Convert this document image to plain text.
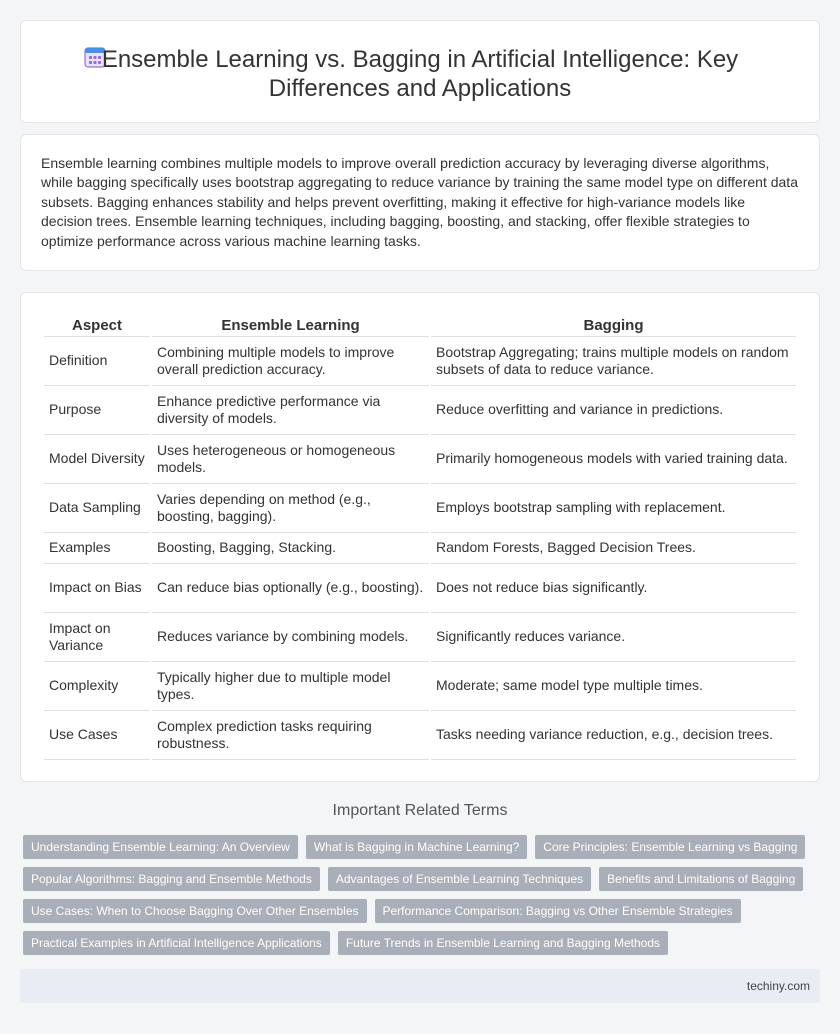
Ensemble Learning vs. Bagging in Artificial Intelligence: Key Differences and Applications

Ensemble learning combines multiple models to improve overall prediction accuracy by leveraging diverse algorithms, while bagging specifically uses bootstrap aggregating to reduce variance by training the same model type on different data subsets. Bagging enhances stability and helps prevent overfitting, making it effective for high-variance models like decision trees. Ensemble learning techniques, including bagging, boosting, and stacking, offer flexible strategies to optimize performance across various machine learning tasks.

Aspect	Ensemble Learning	Bagging
Definition	Combining multiple models to improve overall prediction accuracy.	Bootstrap Aggregating; trains multiple models on random subsets of data to reduce variance.
Purpose	Enhance predictive performance via diversity of models.	Reduce overfitting and variance in predictions.
Model Diversity	Uses heterogeneous or homogeneous models.	Primarily homogeneous models with varied training data.
Data Sampling	Varies depending on method (e.g., boosting, bagging).	Employs bootstrap sampling with replacement.
Examples	Boosting, Bagging, Stacking.	Random Forests, Bagged Decision Trees.
Impact on Bias	Can reduce bias optionally (e.g., boosting).	Does not reduce bias significantly.
Impact on Variance	Reduces variance by combining models.	Significantly reduces variance.
Complexity	Typically higher due to multiple model types.	Moderate; same model type multiple times.
Use Cases	Complex prediction tasks requiring robustness.	Tasks needing variance reduction, e.g., decision trees.
Important Related Terms
Understanding Ensemble Learning: An Overview	What is Bagging in Machine Learning?	Core Principles: Ensemble Learning vs Bagging
Popular Algorithms: Bagging and Ensemble Methods	Advantages of Ensemble Learning Techniques	Benefits and Limitations of Bagging
Use Cases: When to Choose Bagging Over Other Ensembles	Performance Comparison: Bagging vs Other Ensemble Strategies
Practical Examples in Artificial Intelligence Applications	Future Trends in Ensemble Learning and Bagging Methods
techiny.com
